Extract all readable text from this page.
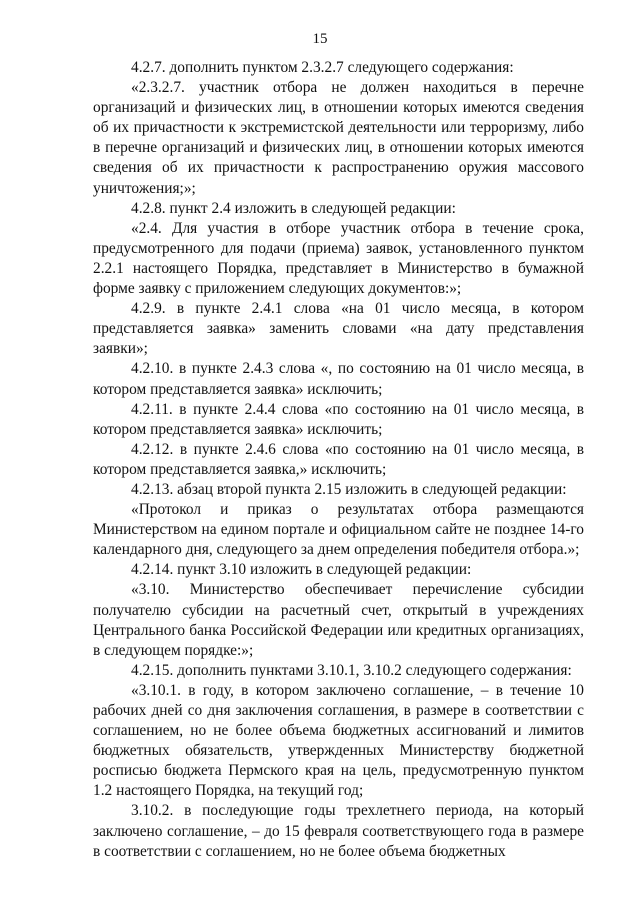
15

4.2.7. дополнить пунктом 2.3.2.7 следующего содержания:

«2.3.2.7. участник отбора не должен находиться в перечне организаций и физических лиц, в отношении которых имеются сведения об их причастности к экстремистской деятельности или терроризму, либо в перечне организаций и физических лиц, в отношении которых имеются сведения об их причастности к распространению оружия массового уничтожения;»;

4.2.8. пункт 2.4 изложить в следующей редакции:

«2.4. Для участия в отборе участник отбора в течение срока, предусмотренного для подачи (приема) заявок, установленного пунктом 2.2.1 настоящего Порядка, представляет в Министерство в бумажной форме заявку с приложением следующих документов:»;

4.2.9. в пункте 2.4.1 слова «на 01 число месяца, в котором представляется заявка» заменить словами «на дату представления заявки»;

4.2.10. в пункте 2.4.3 слова «, по состоянию на 01 число месяца, в котором представляется заявка» исключить;

4.2.11. в пункте 2.4.4 слова «по состоянию на 01 число месяца, в котором представляется заявка» исключить;

4.2.12. в пункте 2.4.6 слова «по состоянию на 01 число месяца, в котором представляется заявка,» исключить;

4.2.13. абзац второй пункта 2.15 изложить в следующей редакции:

«Протокол и приказ о результатах отбора размещаются Министерством на едином портале и официальном сайте не позднее 14-го календарного дня, следующего за днем определения победителя отбора.»;

4.2.14. пункт 3.10 изложить в следующей редакции:

«3.10. Министерство обеспечивает перечисление субсидии получателю субсидии на расчетный счет, открытый в учреждениях Центрального банка Российской Федерации или кредитных организациях, в следующем порядке:»;

4.2.15. дополнить пунктами 3.10.1, 3.10.2 следующего содержания:

«3.10.1. в году, в котором заключено соглашение, – в течение 10 рабочих дней со дня заключения соглашения, в размере в соответствии с соглашением, но не более объема бюджетных ассигнований и лимитов бюджетных обязательств, утвержденных Министерству бюджетной росписью бюджета Пермского края на цель, предусмотренную пунктом 1.2 настоящего Порядка, на текущий год;

3.10.2. в последующие годы трехлетнего периода, на который заключено соглашение, – до 15 февраля соответствующего года в размере в соответствии с соглашением, но не более объема бюджетных
